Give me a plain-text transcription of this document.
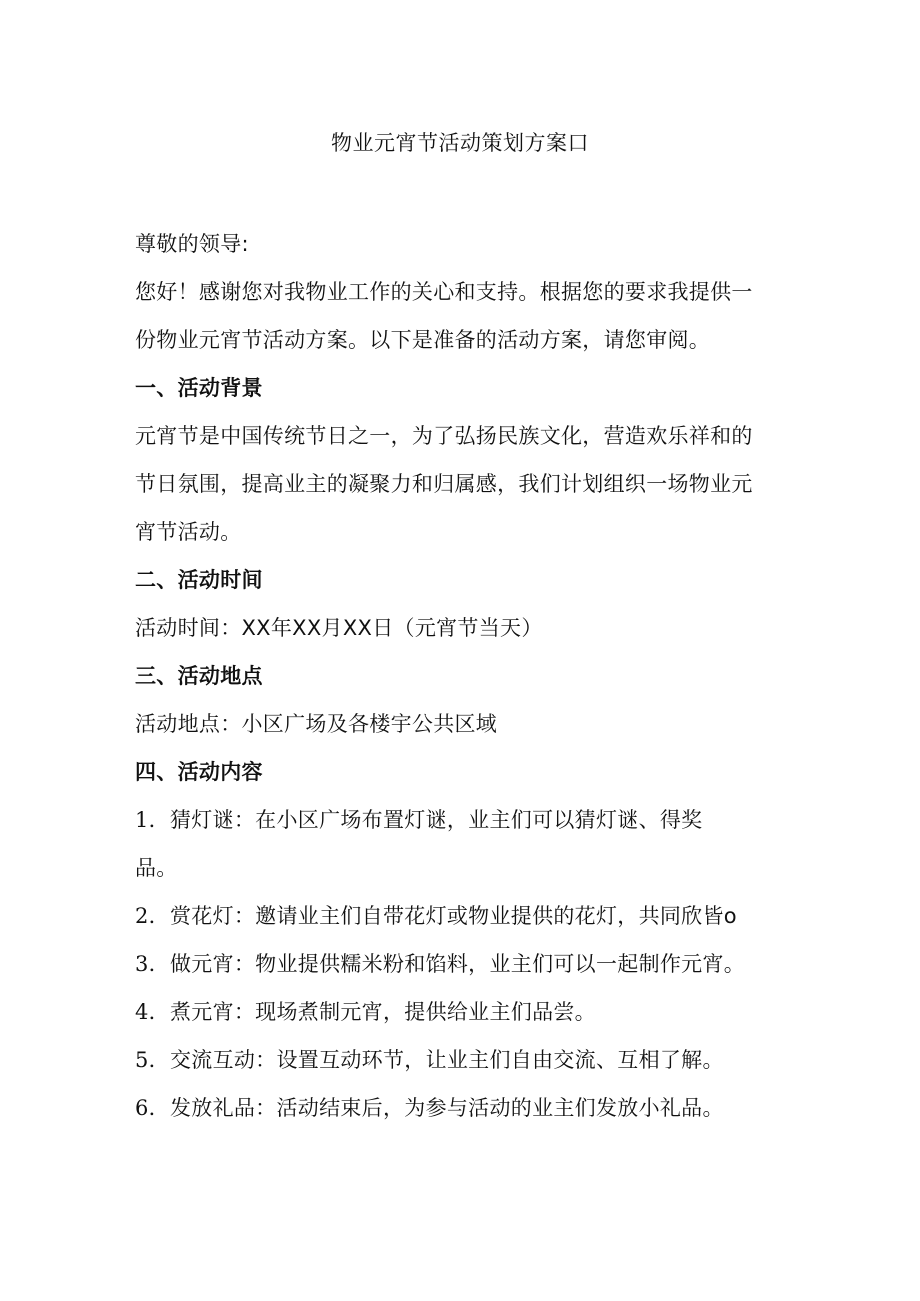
物业元宵节活动策划方案口
尊敬的领导:
您好！感谢您对我物业工作的关心和支持。根据您的要求我提供一
份物业元宵节活动方案。以下是准备的活动方案，请您审阅。
一、活动背景
元宵节是中国传统节日之一，为了弘扬民族文化，营造欢乐祥和的
节日氛围，提高业主的凝聚力和归属感，我们计划组织一场物业元
宵节活动。
二、活动时间
活动时间：XX年XX月XX日（元宵节当天）
三、活动地点
活动地点：小区广场及各楼宇公共区域
四、活动内容
1．猜灯谜：在小区广场布置灯谜，业主们可以猜灯谜、得奖
品。
2．赏花灯：邀请业主们自带花灯或物业提供的花灯，共同欣皆o
3．做元宵：物业提供糯米粉和馅料，业主们可以一起制作元宵。
4．煮元宵：现场煮制元宵，提供给业主们品尝。
5．交流互动：设置互动环节，让业主们自由交流、互相了解。
6．发放礼品：活动结束后，为参与活动的业主们发放小礼品。
